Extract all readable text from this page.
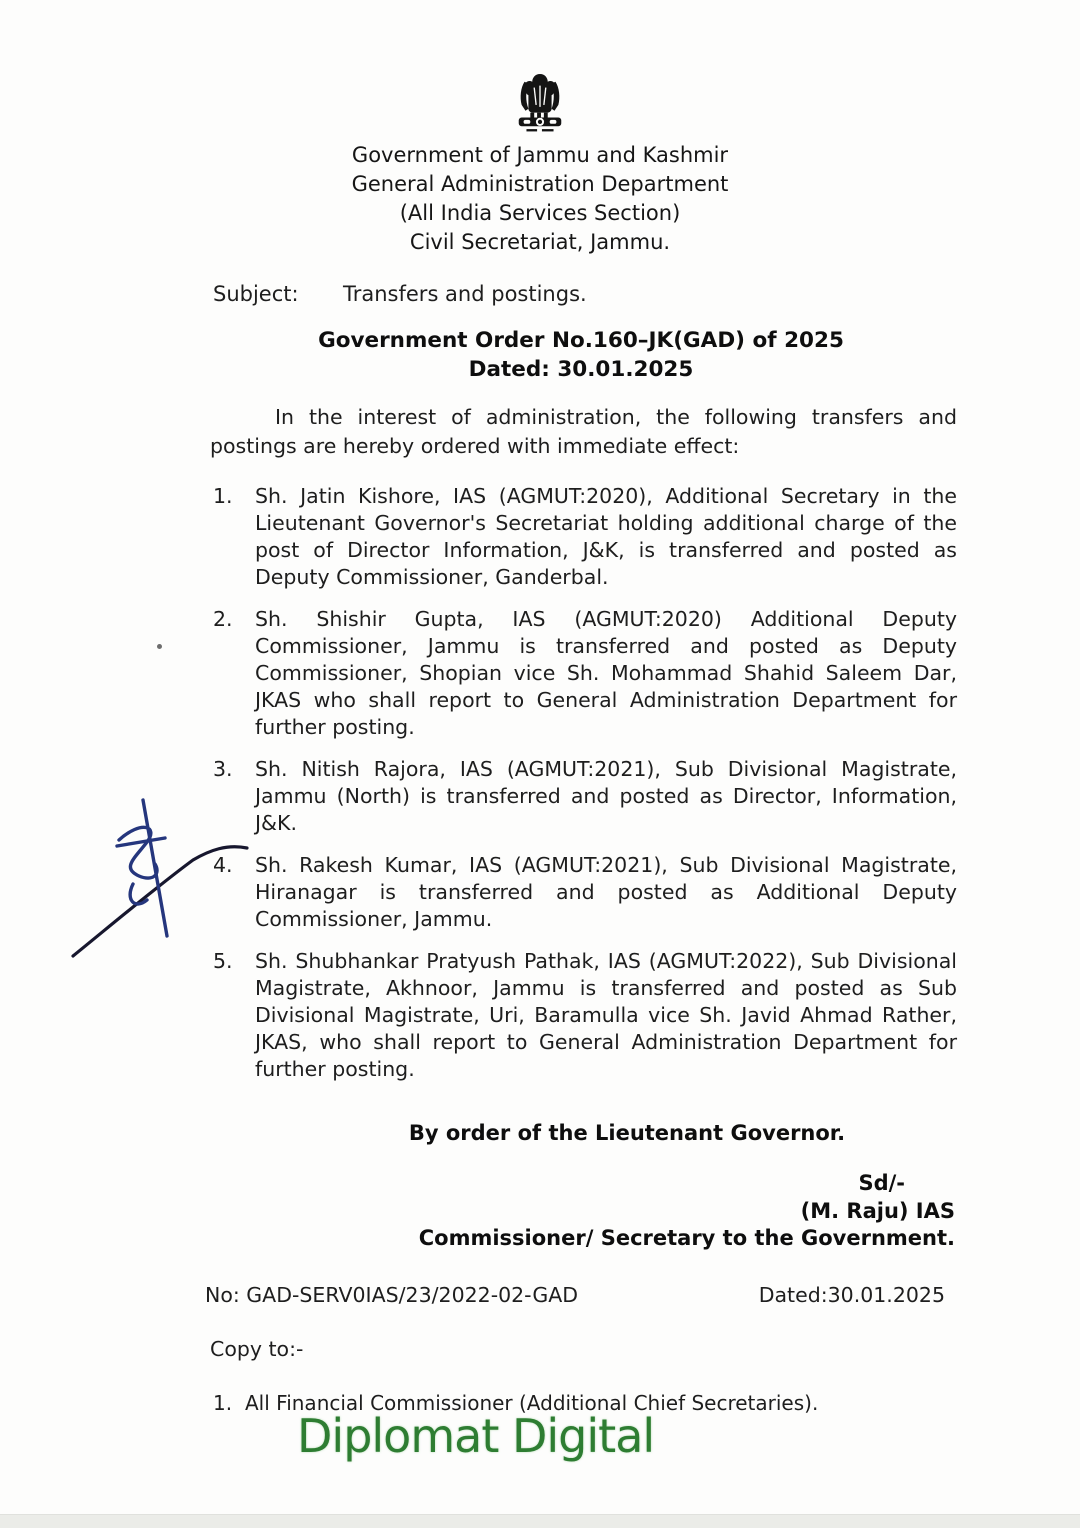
Government of Jammu and Kashmir
General Administration Department
(All India Services Section)
Civil Secretariat, Jammu.
Subject: Transfers and postings.
Government Order No.160–JK(GAD) of 2025
Dated: 30.01.2025
In the interest of administration, the following transfers and postings are hereby ordered with immediate effect:
1.	Sh. Jatin Kishore, IAS (AGMUT:2020), Additional Secretary in the Lieutenant Governor's Secretariat holding additional charge of the post of Director Information, J&K, is transferred and posted as Deputy Commissioner, Ganderbal.
2.	Sh. Shishir Gupta, IAS (AGMUT:2020) Additional Deputy Commissioner, Jammu is transferred and posted as Deputy Commissioner, Shopian vice Sh. Mohammad Shahid Saleem Dar, JKAS who shall report to General Administration Department for further posting.
3.	Sh. Nitish Rajora, IAS (AGMUT:2021), Sub Divisional Magistrate, Jammu (North) is transferred and posted as Director, Information, J&K.
4.	Sh. Rakesh Kumar, IAS (AGMUT:2021), Sub Divisional Magistrate, Hiranagar is transferred and posted as Additional Deputy Commissioner, Jammu.
5.	Sh. Shubhankar Pratyush Pathak, IAS (AGMUT:2022), Sub Divisional Magistrate, Akhnoor, Jammu is transferred and posted as Sub Divisional Magistrate, Uri, Baramulla vice Sh. Javid Ahmad Rather, JKAS, who shall report to General Administration Department for further posting.
By order of the Lieutenant Governor.
Sd/-
(M. Raju) IAS
Commissioner/ Secretary to the Government.
No: GAD-SERV0IAS/23/2022-02-GAD	Dated:30.01.2025
Copy to:-
1. All Financial Commissioner (Additional Chief Secretaries).
Diplomat Digital
